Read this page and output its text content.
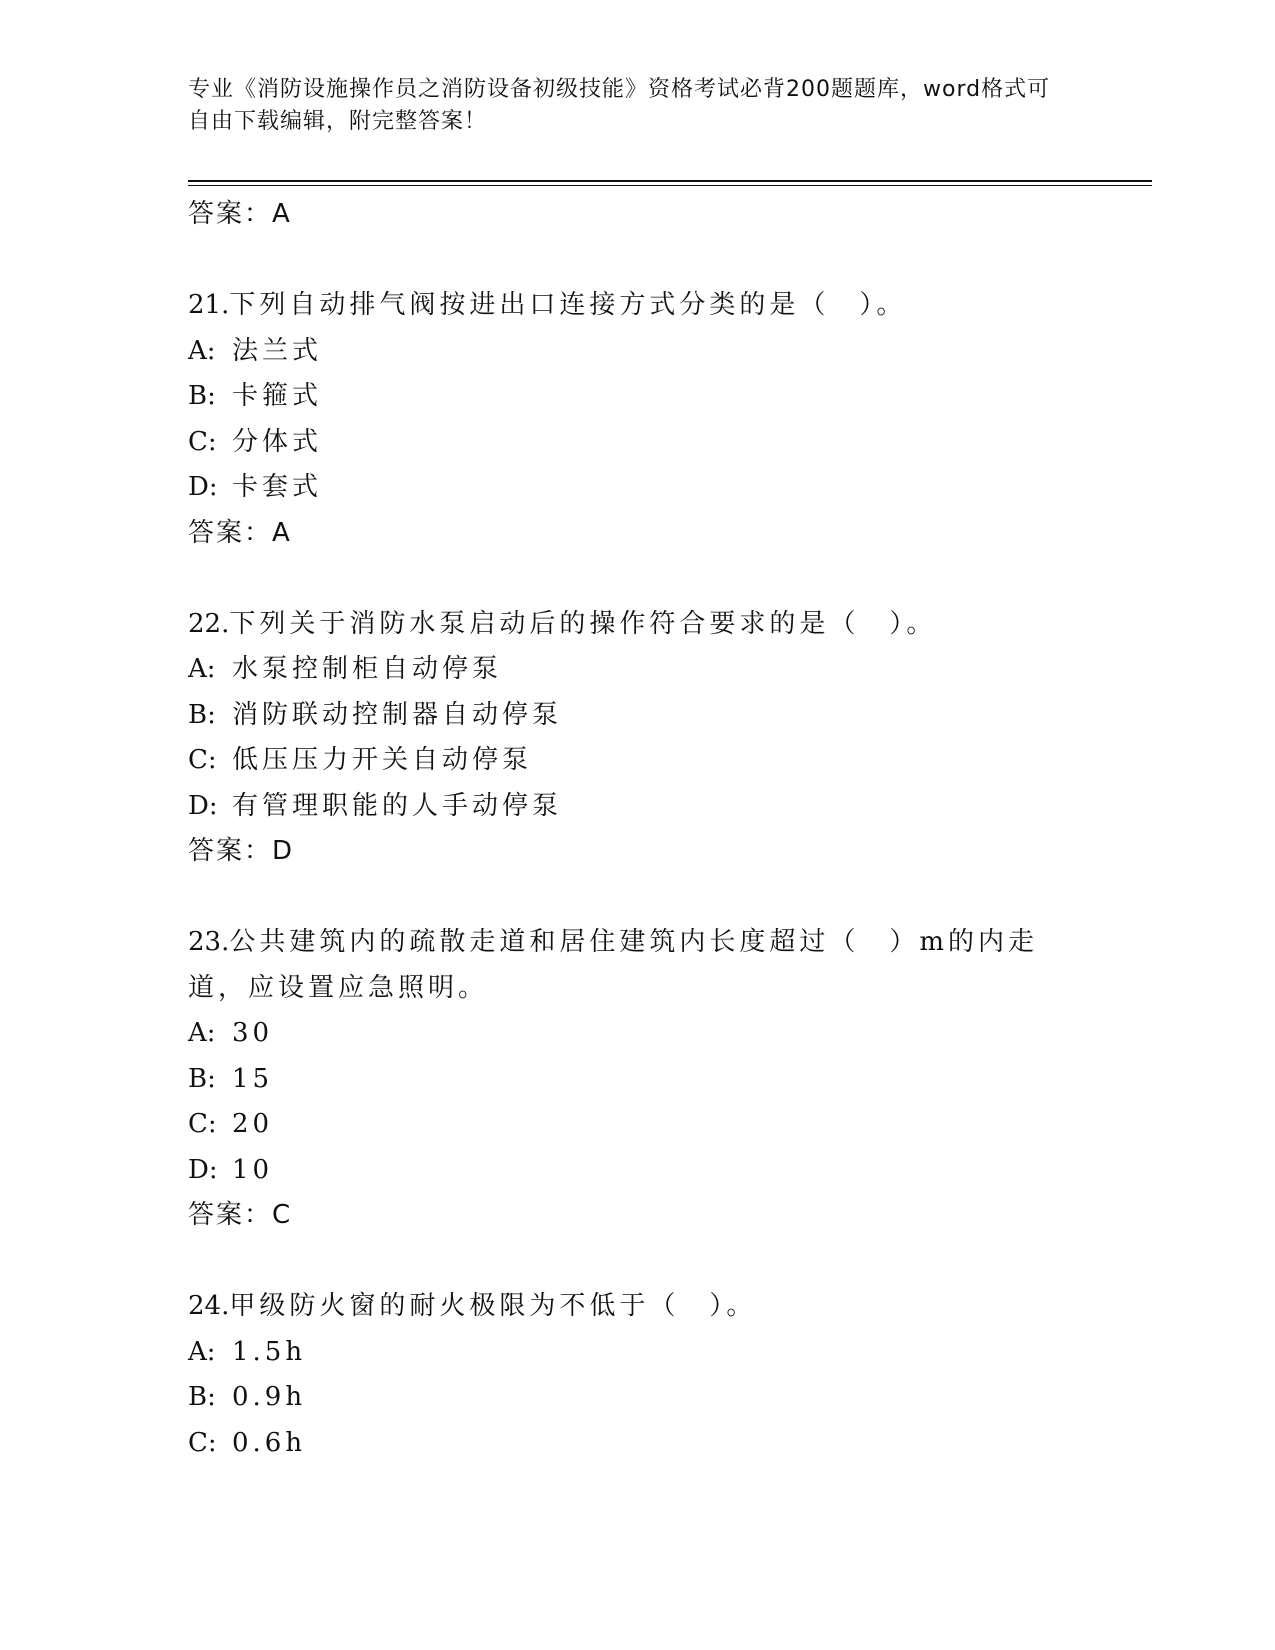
专业《消防设施操作员之消防设备初级技能》资格考试必背200题题库，word格式可自由下载编辑，附完整答案！
答案：A
21.下列自动排气阀按进出口连接方式分类的是（　）。
A: 法兰式
B: 卡箍式
C: 分体式
D: 卡套式
答案：A
22.下列关于消防水泵启动后的操作符合要求的是（　）。
A: 水泵控制柜自动停泵
B: 消防联动控制器自动停泵
C: 低压压力开关自动停泵
D: 有管理职能的人手动停泵
答案：D
23.公共建筑内的疏散走道和居住建筑内长度超过（　）m的内走道，应设置应急照明。
A: 30
B: 15
C: 20
D: 10
答案：C
24.甲级防火窗的耐火极限为不低于（　）。
A: 1.5h
B: 0.9h
C: 0.6h
